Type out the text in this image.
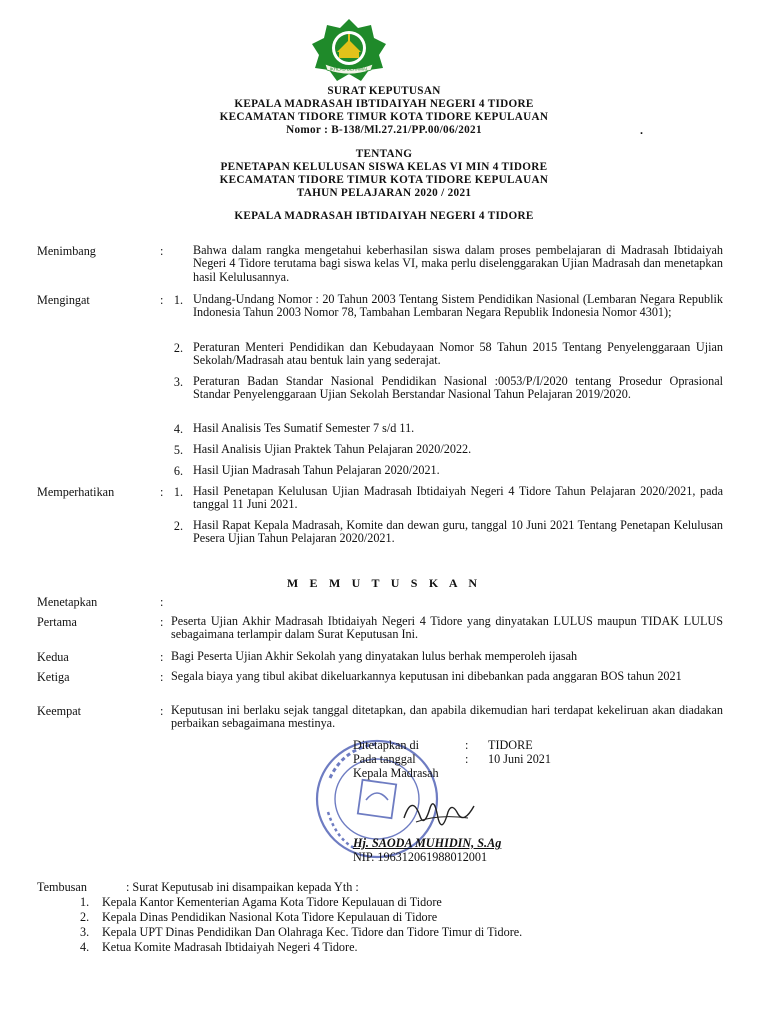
IKHLAS BERAMAL
SURAT KEPUTUSAN
KEPALA MADRASAH IBTIDAIYAH NEGERI 4 TIDORE
KECAMATAN TIDORE TIMUR KOTA TIDORE KEPULAUAN
Nomor : B-138/Ml.27.21/PP.00/06/2021	.
TENTANG
PENETAPAN KELULUSAN SISWA KELAS VI MIN 4 TIDORE
KECAMATAN TIDORE TIMUR KOTA TIDORE KEPULAUAN
TAHUN PELAJARAN 2020 / 2021
KEPALA MADRASAH IBTIDAIYAH NEGERI 4 TIDORE
Menimbang	: Bahwa dalam rangka mengetahui keberhasilan siswa dalam proses pembelajaran di Madrasah Ibtidaiyah Negeri 4 Tidore terutama bagi siswa kelas VI, maka perlu diselenggarakan Ujian Madrasah dan menetapkan hasil Kelulusannya.
Mengingat	: 1. Undang-Undang Nomor : 20 Tahun 2003 Tentang Sistem Pendidikan Nasional (Lembaran Negara Republik Indonesia Tahun 2003 Nomor 78, Tambahan Lembaran Negara Republik Indonesia Nomor 4301);
2. Peraturan Menteri Pendidikan dan Kebudayaan Nomor 58 Tahun 2015 Tentang Penyelenggaraan Ujian Sekolah/Madrasah atau bentuk lain yang sederajat.
3. Peraturan Badan Standar Nasional Pendidikan Nasional :0053/P/I/2020 tentang Prosedur Oprasional Standar Penyelenggaraan Ujian Sekolah Berstandar Nasional Tahun Pelajaran 2019/2020.
4. Hasil Analisis Tes Sumatif Semester 7 s/d 11.
5. Hasil Analisis Ujian Praktek Tahun Pelajaran 2020/2022.
6. Hasil Ujian Madrasah Tahun Pelajaran 2020/2021.
Memperhatikan	: 1. Hasil Penetapan Kelulusan Ujian Madrasah Ibtidaiyah Negeri 4 Tidore Tahun Pelajaran 2020/2021, pada tanggal 11 Juni 2021.
2. Hasil Rapat Kepala Madrasah, Komite dan dewan guru, tanggal 10 Juni 2021 Tentang Penetapan Kelulusan Pesera Ujian Tahun Pelajaran 2020/2021.
M E M U T U S K A N
Menetapkan	:
Pertama	: Peserta Ujian Akhir Madrasah Ibtidaiyah Negeri 4 Tidore yang dinyatakan LULUS maupun TIDAK LULUS sebagaimana terlampir dalam Surat Keputusan Ini.
Kedua	: Bagi Peserta Ujian Akhir Sekolah yang dinyatakan lulus berhak memperoleh ijasah
Ketiga	: Segala biaya yang tibul akibat dikeluarkannya keputusan ini dibebankan pada anggaran BOS tahun 2021
Keempat	: Keputusan ini berlaku sejak tanggal ditetapkan, dan apabila dikemudian hari terdapat kekeliruan akan diadakan perbaikan sebagaimana mestinya.
Ditetapkan di	: TIDORE
Pada tanggal	: 10 Juni 2021
Kepala Madrasah
Hj. SAODA MUHIDIN, S.Ag
NIP. 196312061988012001
Tembusan	: Surat Keputusab ini disampaikan kepada Yth :
1. Kepala Kantor Kementerian Agama Kota Tidore Kepulauan di Tidore
2. Kepala Dinas Pendidikan Nasional Kota Tidore Kepulauan di Tidore
3. Kepala UPT Dinas Pendidikan Dan Olahraga Kec. Tidore dan Tidore Timur di Tidore.
4. Ketua Komite Madrasah Ibtidaiyah Negeri 4 Tidore.
